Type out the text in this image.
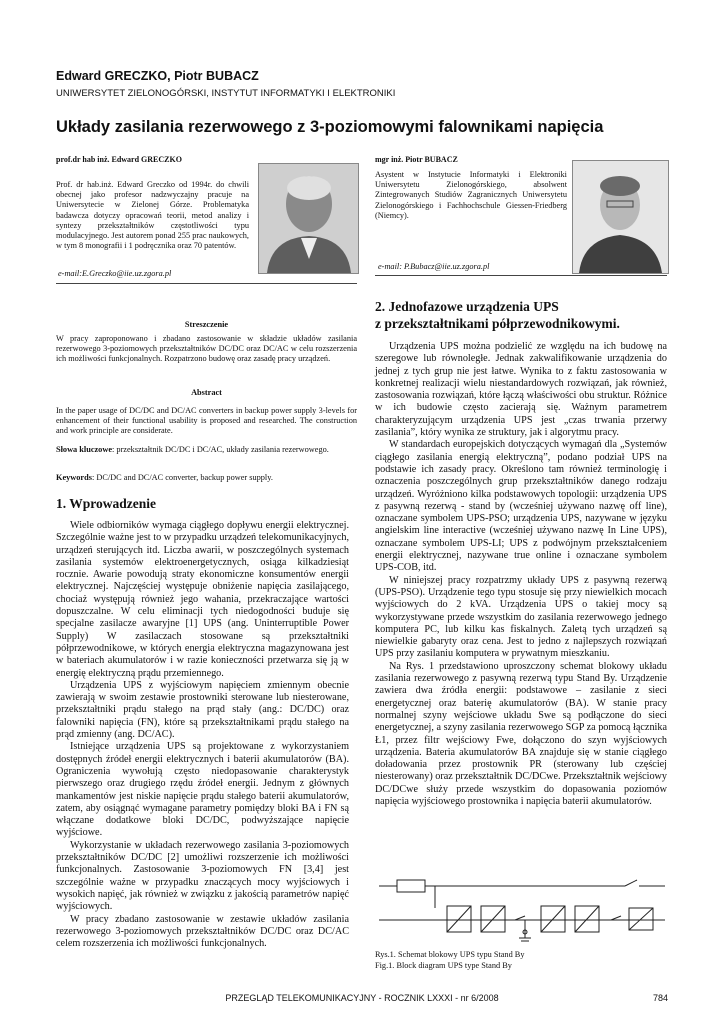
Edward GRECZKO, Piotr BUBACZ
UNIWERSYTET ZIELONOGÓRSKI, INSTYTUT INFORMATYKI I ELEKTRONIKI
Układy zasilania rezerwowego z 3-poziomowymi falownikami napięcia
prof.dr hab inż. Edward GRECZKO
Prof. dr hab.inż. Edward Greczko od 1994r. do chwili obecnej jako profesor nadzwyczajny pracuje na Uniwersytecie w Zielonej Górze. Problematyka badawcza dotyczy opracowań teorii, metod analizy i syntezy przekształtników częstotliwości typu modulacyjnego. Jest autorem ponad 255 prac naukowych, w tym 8 monografii i 1 podręcznika oraz 70 patentów.
e-mail:E.Greczko@iie.uz.zgora.pl
mgr inż. Piotr BUBACZ
Asystent w Instytucie Informatyki i Elektroniki Uniwersytetu Zielonogórskiego, absolwent Zintegrowanych Studiów Zagranicznych Uniwersytetu Zielonogórskiego i Fachhochschule Giessen-Friedberg (Niemcy).
e-mail: P.Bubacz@iie.uz.zgora.pl
Streszczenie
W pracy zaproponowano i zbadano zastosowanie w składzie układów zasilania rezerwowego 3-poziomowych przekształtników DC/DC oraz DC/AC w celu rozszerzenia ich możliwości funkcjonalnych. Rozpatrzono budowę oraz zasadę pracy urządzeń.
Abstract
In the paper usage of DC/DC and DC/AC converters in backup power supply 3-levels for enhancement of their functional usability is proposed and researched. The construction and work principle are considerate.
Słowa kluczowe: przekształtnik DC/DC i DC/AC, układy zasilania rezerwowego.
Keywords: DC/DC and DC/AC converter, backup power supply.
1. Wprowadzenie

Wiele odbiorników wymaga ciągłego dopływu energii elektrycznej. Szczególnie ważne jest to w przypadku urządzeń telekomunikacyjnych, urządzeń sterujących itd. Liczba awarii, w poszczególnych systemach zasilania systemów elektroenergetycznych, osiąga kilkadziesiąt rocznie. Awarie powodują straty ekonomiczne konsumentów energii elektrycznej. Najczęściej występuje obniżenie napięcia zasilającego, chociaż występują również jego wahania, przekraczające wartości dopuszczalne. W celu eliminacji tych niedogodności buduje się specjalne zasilacze awaryjne [1] UPS (ang. Uninterruptible Power Supply) W zasilaczach stosowane są przekształtniki półprzewodnikowe, w których energia elektryczna magazynowana jest w bateriach akumulatorów i w razie konieczności przetwarza się ją w energię elektryczną prądu przemiennego.

Urządzenia UPS z wyjściowym napięciem zmiennym obecnie zawierają w swoim zestawie prostowniki sterowane lub niesterowane, przekształtniki prądu stałego na prąd stały (ang.: DC/DC) oraz falowniki napięcia (FN), które są przekształtnikami prądu stałego na prąd zmienny (ang. DC/AC).

Istniejące urządzenia UPS są projektowane z wykorzystaniem dostępnych źródeł energii elektrycznych i baterii akumulatorów (BA). Ograniczenia wywołują często niedopasowanie charakterystyk pierwszego oraz drugiego rzędu źródeł energii. Jednym z głównych mankamentów jest niskie napięcie prądu stałego baterii akumulatorów, zatem, aby osiągnąć wymagane parametry pomiędzy bloki BA i FN są włączane dodatkowe bloki DC/DC, podwyższające napięcie wyjściowe.

Wykorzystanie w układach rezerwowego zasilania 3-poziomowych przekształtników DC/DC [2] umożliwi rozszerzenie ich możliwości funkcjonalnych. Zastosowanie 3-poziomowych FN [3,4] jest szczególnie ważne w przypadku znaczących mocy wyjściowych i wysokich napięć, jak również w związku z jakością parametrów napięć wyjściowych.

W pracy zbadano zastosowanie w zestawie układów zasilania rezerwowego 3-poziomowych przekształtników DC/DC oraz DC/AC celem rozszerzenia ich możliwości funkcjonalnych.

2. Jednofazowe urządzenia UPS
z przekształtnikami półprzewodnikowymi.

Urządzenia UPS można podzielić ze względu na ich budowę na szeregowe lub równoległe. Jednak zakwalifikowanie urządzenia do jednej z tych grup nie jest łatwe. Wynika to z faktu zastosowania w konkretnej realizacji wielu niestandardowych rozwiązań, jak również, zastosowania rozwiązań, które łączą właściwości obu struktur. Różnice w ich budowie często zacierają się. Ważnym parametrem charakteryzującym urządzenia UPS jest „czas trwania przerwy zasilania”, który wynika ze struktury, jak i algorytmu pracy.

W standardach europejskich dotyczących wymagań dla „Systemów ciągłego zasilania energią elektryczną”, podano podział UPS na podstawie ich zasady pracy. Określono tam również terminologię i oznaczenia poszczególnych grup przekształtników danego rodzaju urządzeń. Wyróżniono kilka podstawowych topologii: urządzenia UPS z pasywną rezerwą - stand by (wcześniej używano nazwę off line), oznaczane symbolem UPS-PSO; urządzenia UPS, nazywane w języku angielskim line interactive (wcześniej używano nazwę In Line UPS), oznaczane symbolem UPS-LI; UPS z podwójnym przekształceniem energii elektrycznej, nazywane true online i oznaczane symbolem UPS-COB, itd.

W niniejszej pracy rozpatrzmy układy UPS z pasywną rezerwą (UPS-PSO). Urządzenie tego typu stosuje się przy niewielkich mocach wyjściowych do 2 kVA. Urządzenia UPS o takiej mocy są wykorzystywane przede wszystkim do zasilania rezerwowego jednego komputera PC, lub kilku kas fiskalnych. Zaletą tych urządzeń są niewielkie gabaryty oraz cena. Jest to jedno z najlepszych rozwiązań UPS przy zasilaniu komputera w prywatnym mieszkaniu.

Na Rys. 1 przedstawiono uproszczony schemat blokowy układu zasilania rezerwowego z pasywną rezerwą typu Stand By. Urządzenie zawiera dwa źródła energii: podstawowe – zasilanie z sieci energetycznej oraz baterię akumulatorów (BA). W stanie pracy normalnej szyny wejściowe układu Swe są podłączone do sieci energetycznej, a szyny zasilania rezerwowego SGP za pomocą łącznika Ł1, przez filtr wejściowy Fwe, dołączono do szyn wyjściowych urządzenia. Bateria akumulatorów BA znajduje się w stanie ciągłego doładowania przez prostownik PR (sterowany lub częściej niesterowany) oraz przekształtnik DC/DCwe. Przekształtnik wejściowy DC/DCwe służy przede wszystkim do dopasowania poziomów napięcia wyjściowego prostownika i napięcia baterii akumulatorów.

Rys.1. Schemat blokowy UPS typu Stand By
Fig.1. Block diagram UPS type Stand By
PRZEGLĄD TELEKOMUNIKACYJNY - ROCZNIK LXXXI - nr 6/2008	784
